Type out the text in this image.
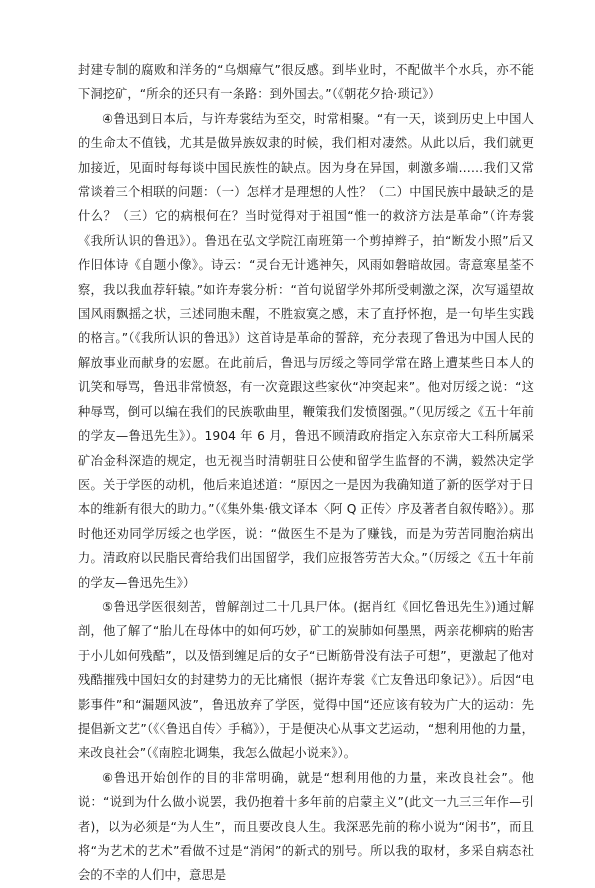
封建专制的腐败和洋务的“乌烟瘴气”很反感。到毕业时，不配做半个水兵，亦不能下洞挖矿，“所余的还只有一条路：到外国去。”（《朝花夕拾·琐记》）

④鲁迅到日本后，与许寿裳结为至交，时常相聚。“有一天，谈到历史上中国人的生命太不值钱，尤其是做异族奴隶的时候，我们相对凄然。从此以后，我们就更加接近，见面时每每谈中国民族性的缺点。因为身在异国，刺激多端……我们又常常谈着三个相联的问题：（一）怎样才是理想的人性？（二）中国民族中最缺乏的是什么？（三）它的病根何在？当时觉得对于祖国“惟一的救济方法是革命”（许寿裳《我所认识的鲁迅》）。鲁迅在弘文学院江南班第一个剪掉辫子，拍“断发小照”后又作旧体诗《自题小像》。诗云：“灵台无计逃神矢，风雨如磐暗故园。寄意寒星荃不察，我以我血荐轩辕。”如许寿裳分析：“首句说留学外邦所受刺激之深，次写遥望故国风雨飘摇之状，三述同胞未醒，不胜寂寞之感，末了直抒怀抱，是一句毕生实践的格言。”（《我所认识的鲁迅》）这首诗是革命的誓辞，充分表现了鲁迅为中国人民的解放事业而献身的宏愿。在此前后，鲁迅与厉绥之等同学常在路上遭某些日本人的讥笑和辱骂，鲁迅非常愤怒，有一次竟跟这些家伙“冲突起来”。他对厉绥之说：“这种辱骂，倒可以编在我们的民族歌曲里，鞭策我们发愤图强。”（见厉绥之《五十年前的学友—鲁迅先生》）。1904 年 6 月，鲁迅不顾清政府指定入东京帝大工科所属采矿冶金科深造的规定，也无视当时清朝驻日公使和留学生监督的不满，毅然决定学医。关于学医的动机，他后来追述道：“原因之一是因为我确知道了新的医学对于日本的维新有很大的助力。”（《集外集·俄文译本〈阿 Q 正传〉序及著者自叙传略》）。那时他还劝同学厉绥之也学医，说：“做医生不是为了赚钱，而是为劳苦同胞治病出力。清政府以民脂民膏给我们出国留学，我们应报答劳苦大众。”（厉绥之《五十年前的学友—鲁迅先生》）

⑤鲁迅学医很刻苦，曾解剖过二十几具尸体。(据肖红《回忆鲁迅先生》)通过解剖，他了解了“胎儿在母体中的如何巧妙，矿工的炭肺如何墨黑，两亲花柳病的贻害于小儿如何残酷”，以及悟到缠足后的女子“已断筋骨没有法子可想”，更激起了他对残酷摧残中国妇女的封建势力的无比痛恨（据许寿裳《亡友鲁迅印象记》）。后因“电影事件”和“漏题风波”，鲁迅放弃了学医，觉得中国“还应该有较为广大的运动：先提倡新文艺”（《〈鲁迅自传〉手稿》），于是便决心从事文艺运动，“想利用他的力量，来改良社会”（《南腔北调集，我怎么做起小说来》）。

⑥鲁迅开始创作的目的非常明确，就是“想利用他的力量，来改良社会”。他说：“说到为什么做小说罢，我仍抱着十多年前的启蒙主义”(此文一九三三年作—引者)，以为必须是“为人生”，而且要改良人生。我深恶先前的称小说为“闲书”，而且将“为艺术的艺术”看做不过是“消闲”的新式的别号。所以我的取材，多采自病态社会的不幸的人们中，意思是
